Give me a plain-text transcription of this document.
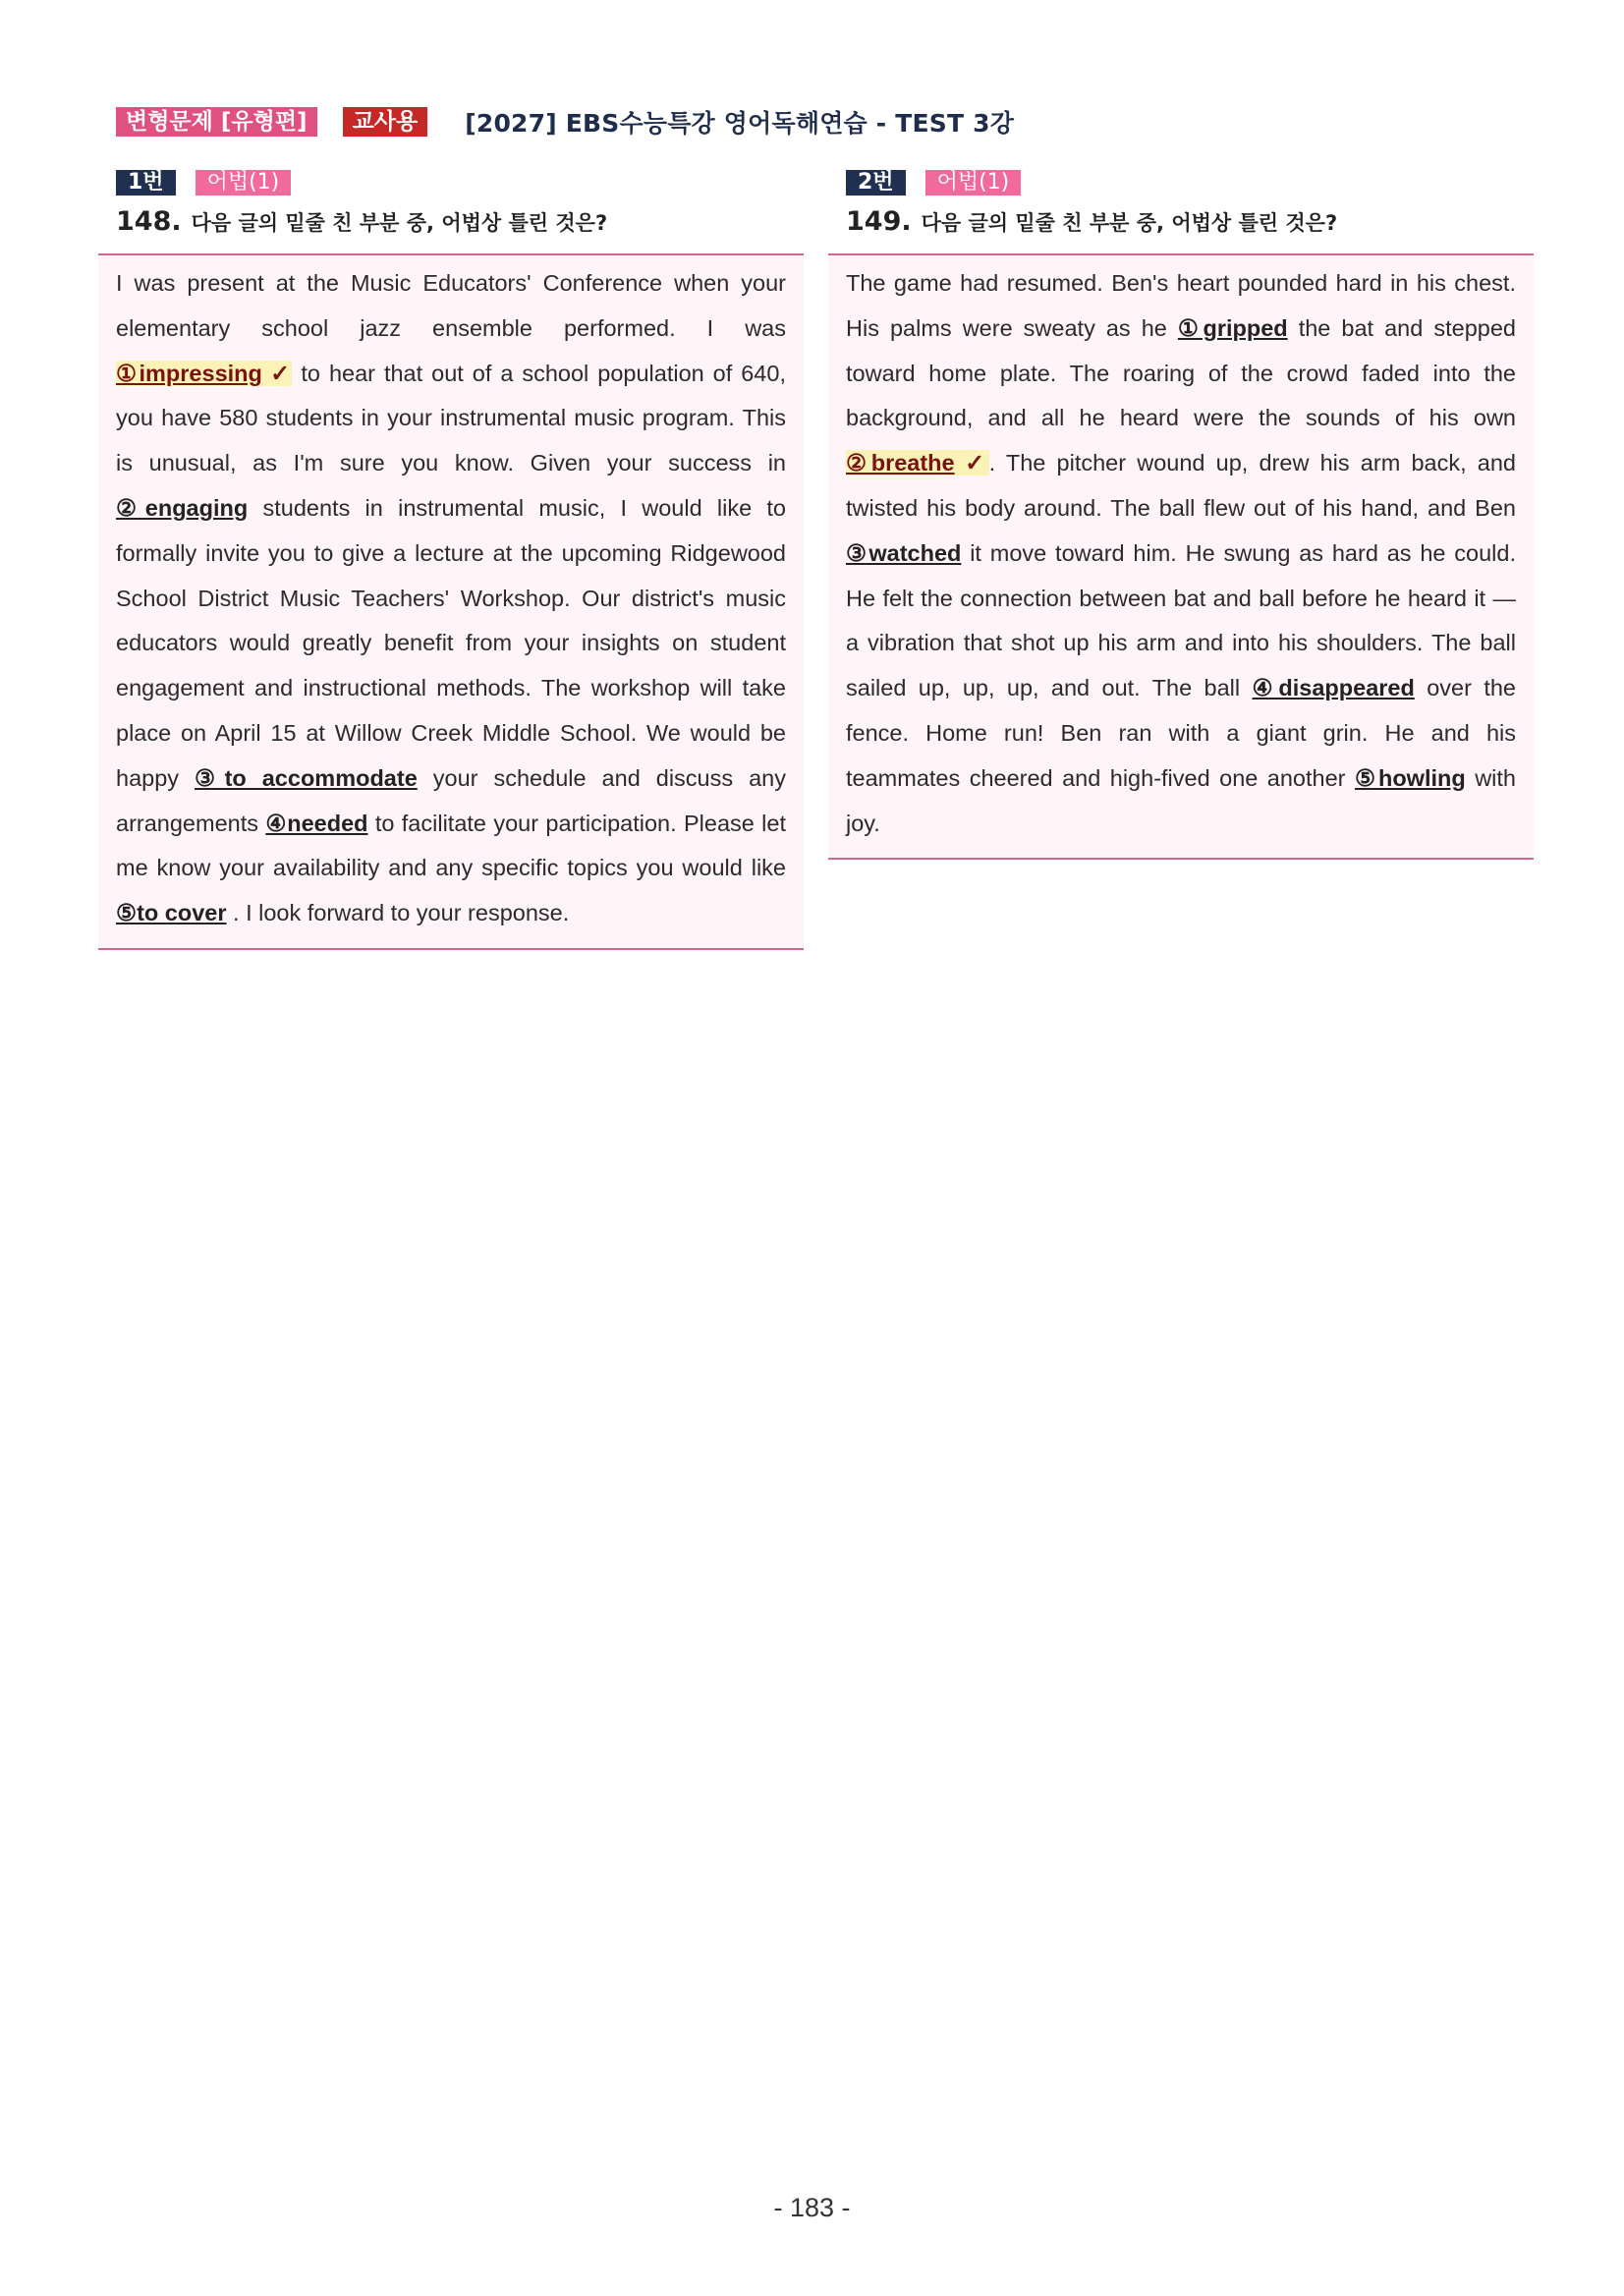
변형문제 [유형편]	교사용	[2027] EBS수능특강 영어독해연습 - TEST 3강
1번	어법(1)
148. 다음 글의 밑줄 친 부분 중, 어법상 틀린 것은?

I was present at the Music Educators' Conference when your elementary school jazz ensemble performed. I was ①impressing ✓ to hear that out of a school population of 640, you have 580 students in your instrumental music program. This is unusual, as I'm sure you know. Given your success in ②engaging students in instrumental music, I would like to formally invite you to give a lecture at the upcoming Ridgewood School District Music Teachers' Workshop. Our district's music educators would greatly benefit from your insights on student engagement and instructional methods. The workshop will take place on April 15 at Willow Creek Middle School. We would be happy ③to accommodate your schedule and discuss any arrangements ④needed to facilitate your participation. Please let me know your availability and any specific topics you would like ⑤to cover . I look forward to your response.

2번	어법(1)
149. 다음 글의 밑줄 친 부분 중, 어법상 틀린 것은?

The game had resumed. Ben's heart pounded hard in his chest. His palms were sweaty as he ①gripped the bat and stepped toward home plate. The roaring of the crowd faded into the background, and all he heard were the sounds of his own ②breathe ✓. The pitcher wound up, drew his arm back, and twisted his body around. The ball flew out of his hand, and Ben ③watched it move toward him. He swung as hard as he could. He felt the connection between bat and ball before he heard it — a vibration that shot up his arm and into his shoulders. The ball sailed up, up, up, and out. The ball ④disappeared over the fence. Home run! Ben ran with a giant grin. He and his teammates cheered and high-fived one another ⑤howling with joy.

- 183 -
